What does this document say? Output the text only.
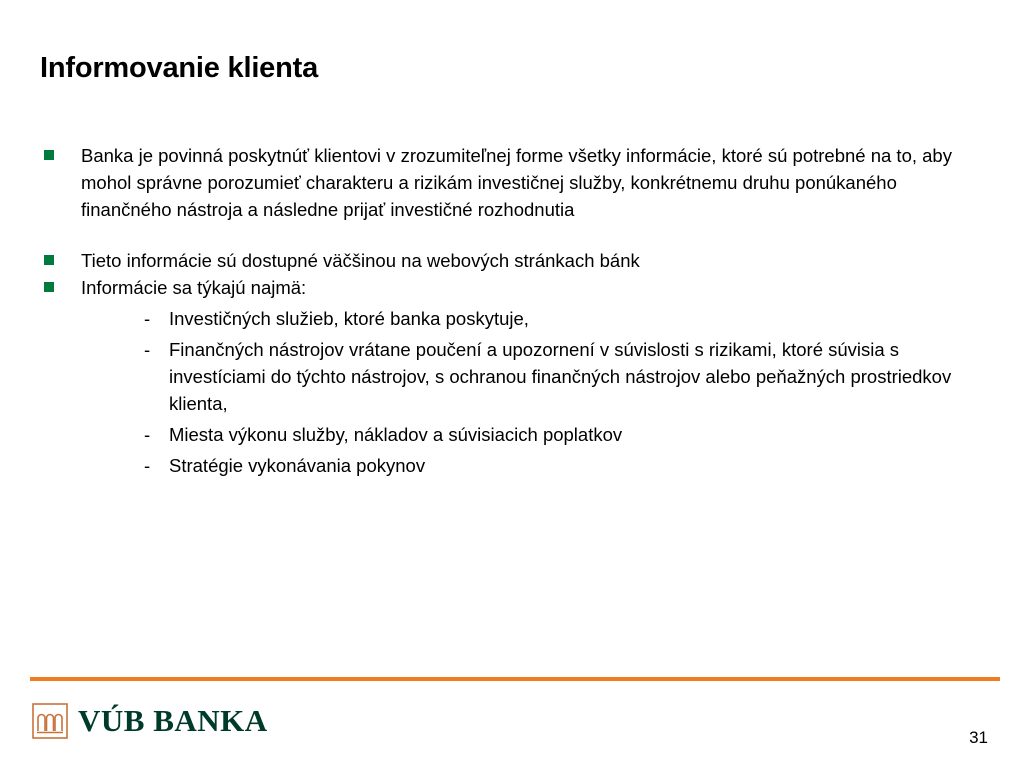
Informovanie klienta
Banka je povinná poskytnúť klientovi v zrozumiteľnej forme všetky informácie, ktoré sú potrebné na to, aby mohol správne porozumieť charakteru a rizikám investičnej služby, konkrétnemu druhu ponúkaného finančného nástroja a následne prijať investičné rozhodnutia
Tieto informácie sú dostupné väčšinou na webových stránkach bánk
Informácie sa týkajú najmä:
- Investičných služieb, ktoré banka poskytuje,
- Finančných nástrojov vrátane poučení a upozornení v súvislosti s rizikami, ktoré súvisia s investíciami do týchto nástrojov, s ochranou finančných nástrojov alebo peňažných prostriedkov klienta,
- Miesta výkonu služby, nákladov a súvisiacich poplatkov
- Stratégie vykonávania pokynov
VÚB BANKA	31
